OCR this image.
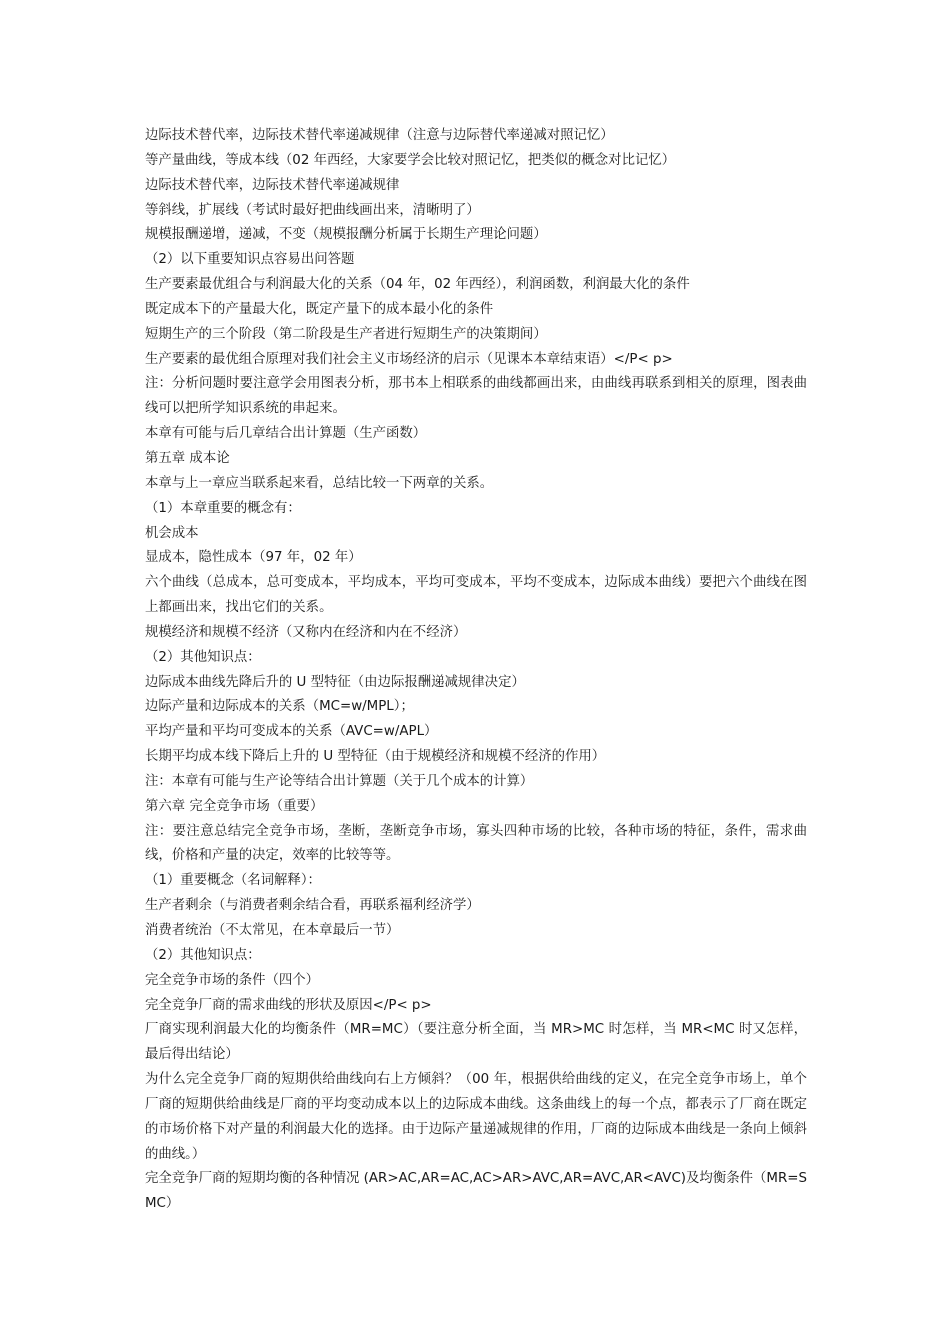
边际技术替代率，边际技术替代率递减规律（注意与边际替代率递减对照记忆）
等产量曲线，等成本线（02 年西经，大家要学会比较对照记忆，把类似的概念对比记忆）
边际技术替代率，边际技术替代率递减规律
等斜线，扩展线（考试时最好把曲线画出来，清晰明了）
规模报酬递增，递减，不变（规模报酬分析属于长期生产理论问题）
（2）以下重要知识点容易出问答题
生产要素最优组合与利润最大化的关系（04 年，02 年西经），利润函数，利润最大化的条件
既定成本下的产量最大化，既定产量下的成本最小化的条件
短期生产的三个阶段（第二阶段是生产者进行短期生产的决策期间）
生产要素的最优组合原理对我们社会主义市场经济的启示（见课本本章结束语）</P< p>
注：分析问题时要注意学会用图表分析，那书本上相联系的曲线都画出来，由曲线再联系到相关的原理，图表曲线可以把所学知识系统的串起来。
本章有可能与后几章结合出计算题（生产函数）
第五章 成本论
本章与上一章应当联系起来看，总结比较一下两章的关系。
（1）本章重要的概念有：
机会成本
显成本，隐性成本（97 年，02 年）
六个曲线（总成本，总可变成本，平均成本，平均可变成本，平均不变成本，边际成本曲线）要把六个曲线在图上都画出来，找出它们的关系。
规模经济和规模不经济（又称内在经济和内在不经济）
（2）其他知识点：
边际成本曲线先降后升的 U 型特征（由边际报酬递减规律决定）
边际产量和边际成本的关系（MC=w/MPL）；
平均产量和平均可变成本的关系（AVC=w/APL）
长期平均成本线下降后上升的 U 型特征（由于规模经济和规模不经济的作用）
注：本章有可能与生产论等结合出计算题（关于几个成本的计算）
第六章 完全竞争市场（重要）
注：要注意总结完全竞争市场，垄断，垄断竞争市场，寡头四种市场的比较，各种市场的特征，条件，需求曲线，价格和产量的决定，效率的比较等等。
（1）重要概念（名词解释）：
生产者剩余（与消费者剩余结合看，再联系福利经济学）
消费者统治（不太常见，在本章最后一节）
（2）其他知识点：
完全竞争市场的条件（四个）
完全竞争厂商的需求曲线的形状及原因</P< p>
厂商实现利润最大化的均衡条件（MR=MC）（要注意分析全面，当 MR>MC 时怎样，当 MR<MC 时又怎样，最后得出结论）
为什么完全竞争厂商的短期供给曲线向右上方倾斜？（00 年，根据供给曲线的定义，在完全竞争市场上，单个厂商的短期供给曲线是厂商的平均变动成本以上的边际成本曲线。这条曲线上的每一个点，都表示了厂商在既定的市场价格下对产量的利润最大化的选择。由于边际产量递减规律的作用，厂商的边际成本曲线是一条向上倾斜的曲线。）
完全竞争厂商的短期均衡的各种情况 (AR>AC,AR=AC,AC>AR>AVC,AR=AVC,AR<AVC)及均衡条件（MR=SMC）
